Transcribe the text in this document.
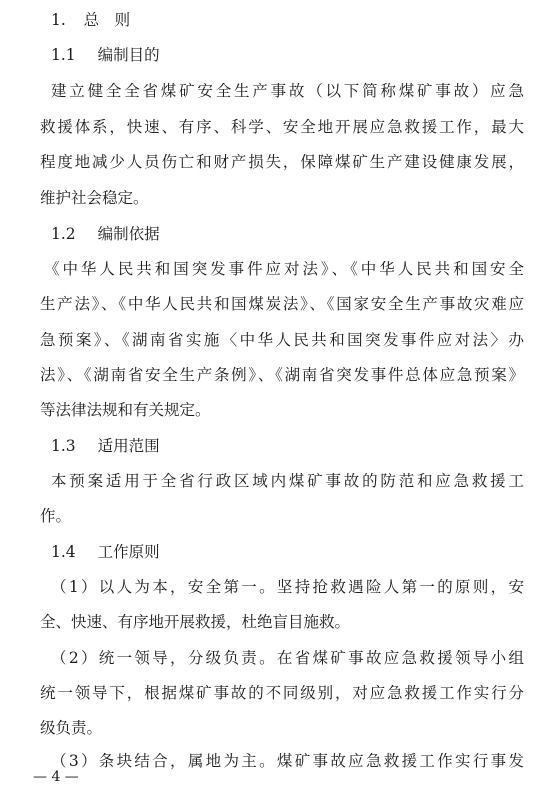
1. 总　则
1.1 编制目的
建立健全全省煤矿安全生产事故（以下简称煤矿事故）应急
救援体系，快速、有序、科学、安全地开展应急救援工作，最大
程度地减少人员伤亡和财产损失，保障煤矿生产建设健康发展，
维护社会稳定。
1.2 编制依据
《中华人民共和国突发事件应对法》、《中华人民共和国安全
生产法》、《中华人民共和国煤炭法》、《国家安全生产事故灾难应
急预案》、《湖南省实施〈中华人民共和国突发事件应对法〉办
法》、《湖南省安全生产条例》、《湖南省突发事件总体应急预案》
等法律法规和有关规定。
1.3 适用范围
本预案适用于全省行政区域内煤矿事故的防范和应急救援工
作。
1.4 工作原则
（1）以人为本，安全第一。坚持抢救遇险人第一的原则，安
全、快速、有序地开展救援，杜绝盲目施救。
（2）统一领导，分级负责。在省煤矿事故应急救援领导小组
统一领导下，根据煤矿事故的不同级别，对应急救援工作实行分
级负责。
（3）条块结合，属地为主。煤矿事故应急救援工作实行事发
— 4 —
